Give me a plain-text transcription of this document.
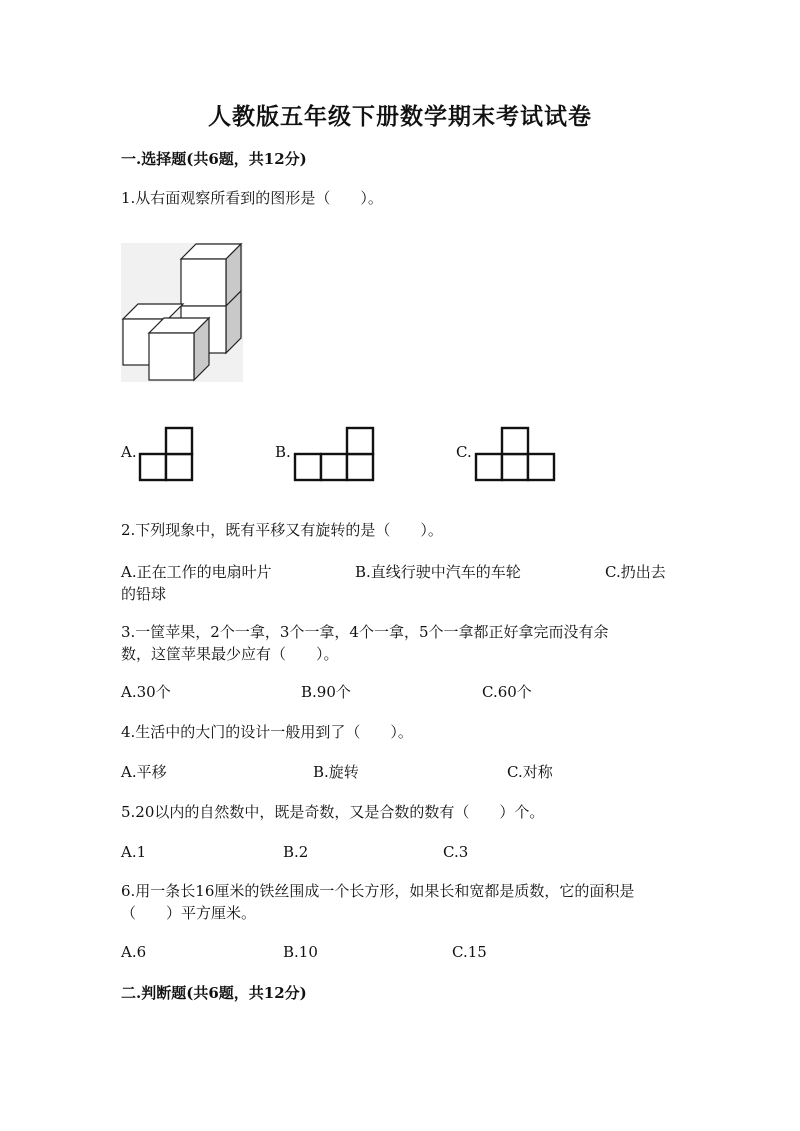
人教版五年级下册数学期末考试试卷
一.选择题(共6题，共12分)
1.从右面观察所看到的图形是（　　）。
A.	B.	C.
2.下列现象中，既有平移又有旋转的是（　　）。
A.正在工作的电扇叶片	B.直线行驶中汽车的车轮	C.扔出去
的铅球
3.一筐苹果，2个一拿，3个一拿，4个一拿，5个一拿都正好拿完而没有余
数，这筐苹果最少应有（　　）。
A.30个	B.90个	C.60个
4.生活中的大门的设计一般用到了（　　）。
A.平移	B.旋转	C.对称
5.20以内的自然数中，既是奇数，又是合数的数有（　　）个。
A.1	B.2	C.3
6.用一条长16厘米的铁丝围成一个长方形，如果长和宽都是质数，它的面积是
（　　）平方厘米。
A.6	B.10	C.15
二.判断题(共6题，共12分)
